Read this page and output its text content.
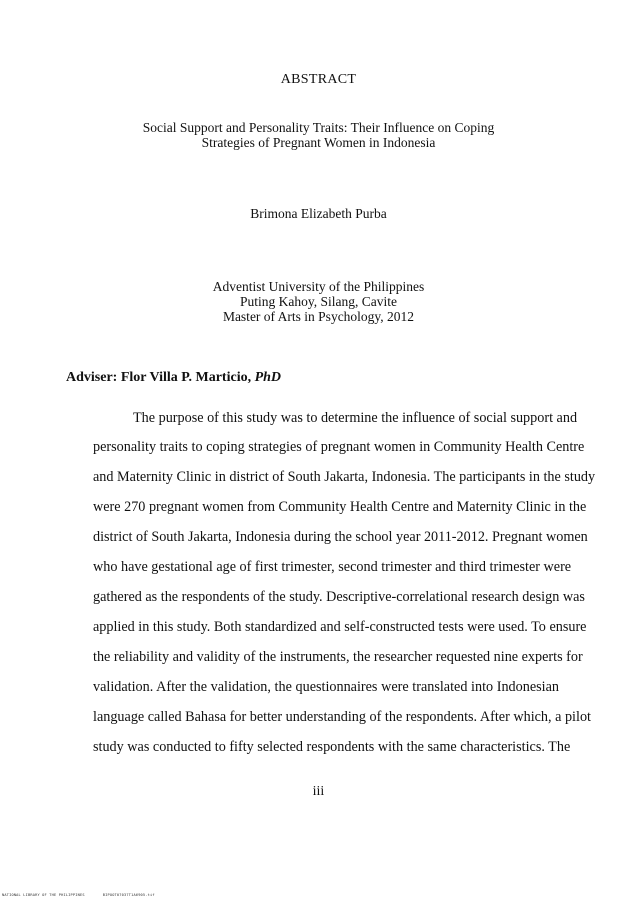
ABSTRACT
Social Support and Personality Traits: Their Influence on Coping
Strategies of Pregnant Women in Indonesia
Brimona Elizabeth Purba
Adventist University of the Philippines
Puting Kahoy, Silang, Cavite
Master of Arts in Psychology, 2012
Adviser: Flor Villa P. Marticio, PhD
The purpose of this study was to determine the influence of social support and
personality traits to coping strategies of pregnant women in Community Health Centre
and Maternity Clinic in district of South Jakarta, Indonesia. The participants in the study
were 270 pregnant women from Community Health Centre and Maternity Clinic in the
district of South Jakarta, Indonesia during the school year 2011-2012. Pregnant women
who have gestational age of first trimester, second trimester and third trimester were
gathered as the respondents of the study. Descriptive-correlational research design was
applied in this study. Both standardized and self-constructed tests were used. To ensure
the reliability and validity of the instruments, the researcher requested nine experts for
validation. After the validation, the questionnaires were translated into Indonesian
language called Bahasa for better understanding of the respondents. After which, a pilot
study was conducted to fifty selected respondents with the same characteristics. The
iii
NATIONAL LIBRARY OF THE PHILIPPINES	BIPOOT07037T1A6905.tif
